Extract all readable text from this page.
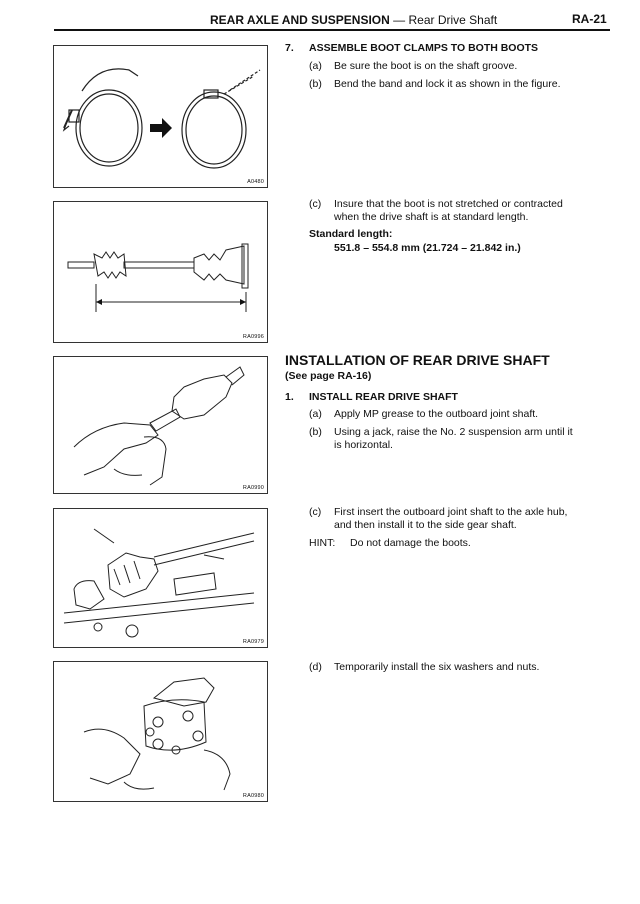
REAR AXLE AND SUSPENSION — Rear Drive Shaft	RA-21
A0480
RA0996
RA0990
RA0979
RA0980
7. ASSEMBLE BOOT CLAMPS TO BOTH BOOTS
(a) Be sure the boot is on the shaft groove.
(b) Bend the band and lock it as shown in the figure.
(c) Insure that the boot is not stretched or contracted
when the drive shaft is at standard length.
Standard length:
551.8 – 554.8 mm (21.724 – 21.842 in.)
INSTALLATION OF REAR DRIVE SHAFT
(See page RA-16)
1. INSTALL REAR DRIVE SHAFT
(a) Apply MP grease to the outboard joint shaft.
(b) Using a jack, raise the No. 2 suspension arm until it
is horizontal.
(c) First insert the outboard joint shaft to the axle hub,
and then install it to the side gear shaft.
HINT: Do not damage the boots.
(d) Temporarily install the six washers and nuts.
